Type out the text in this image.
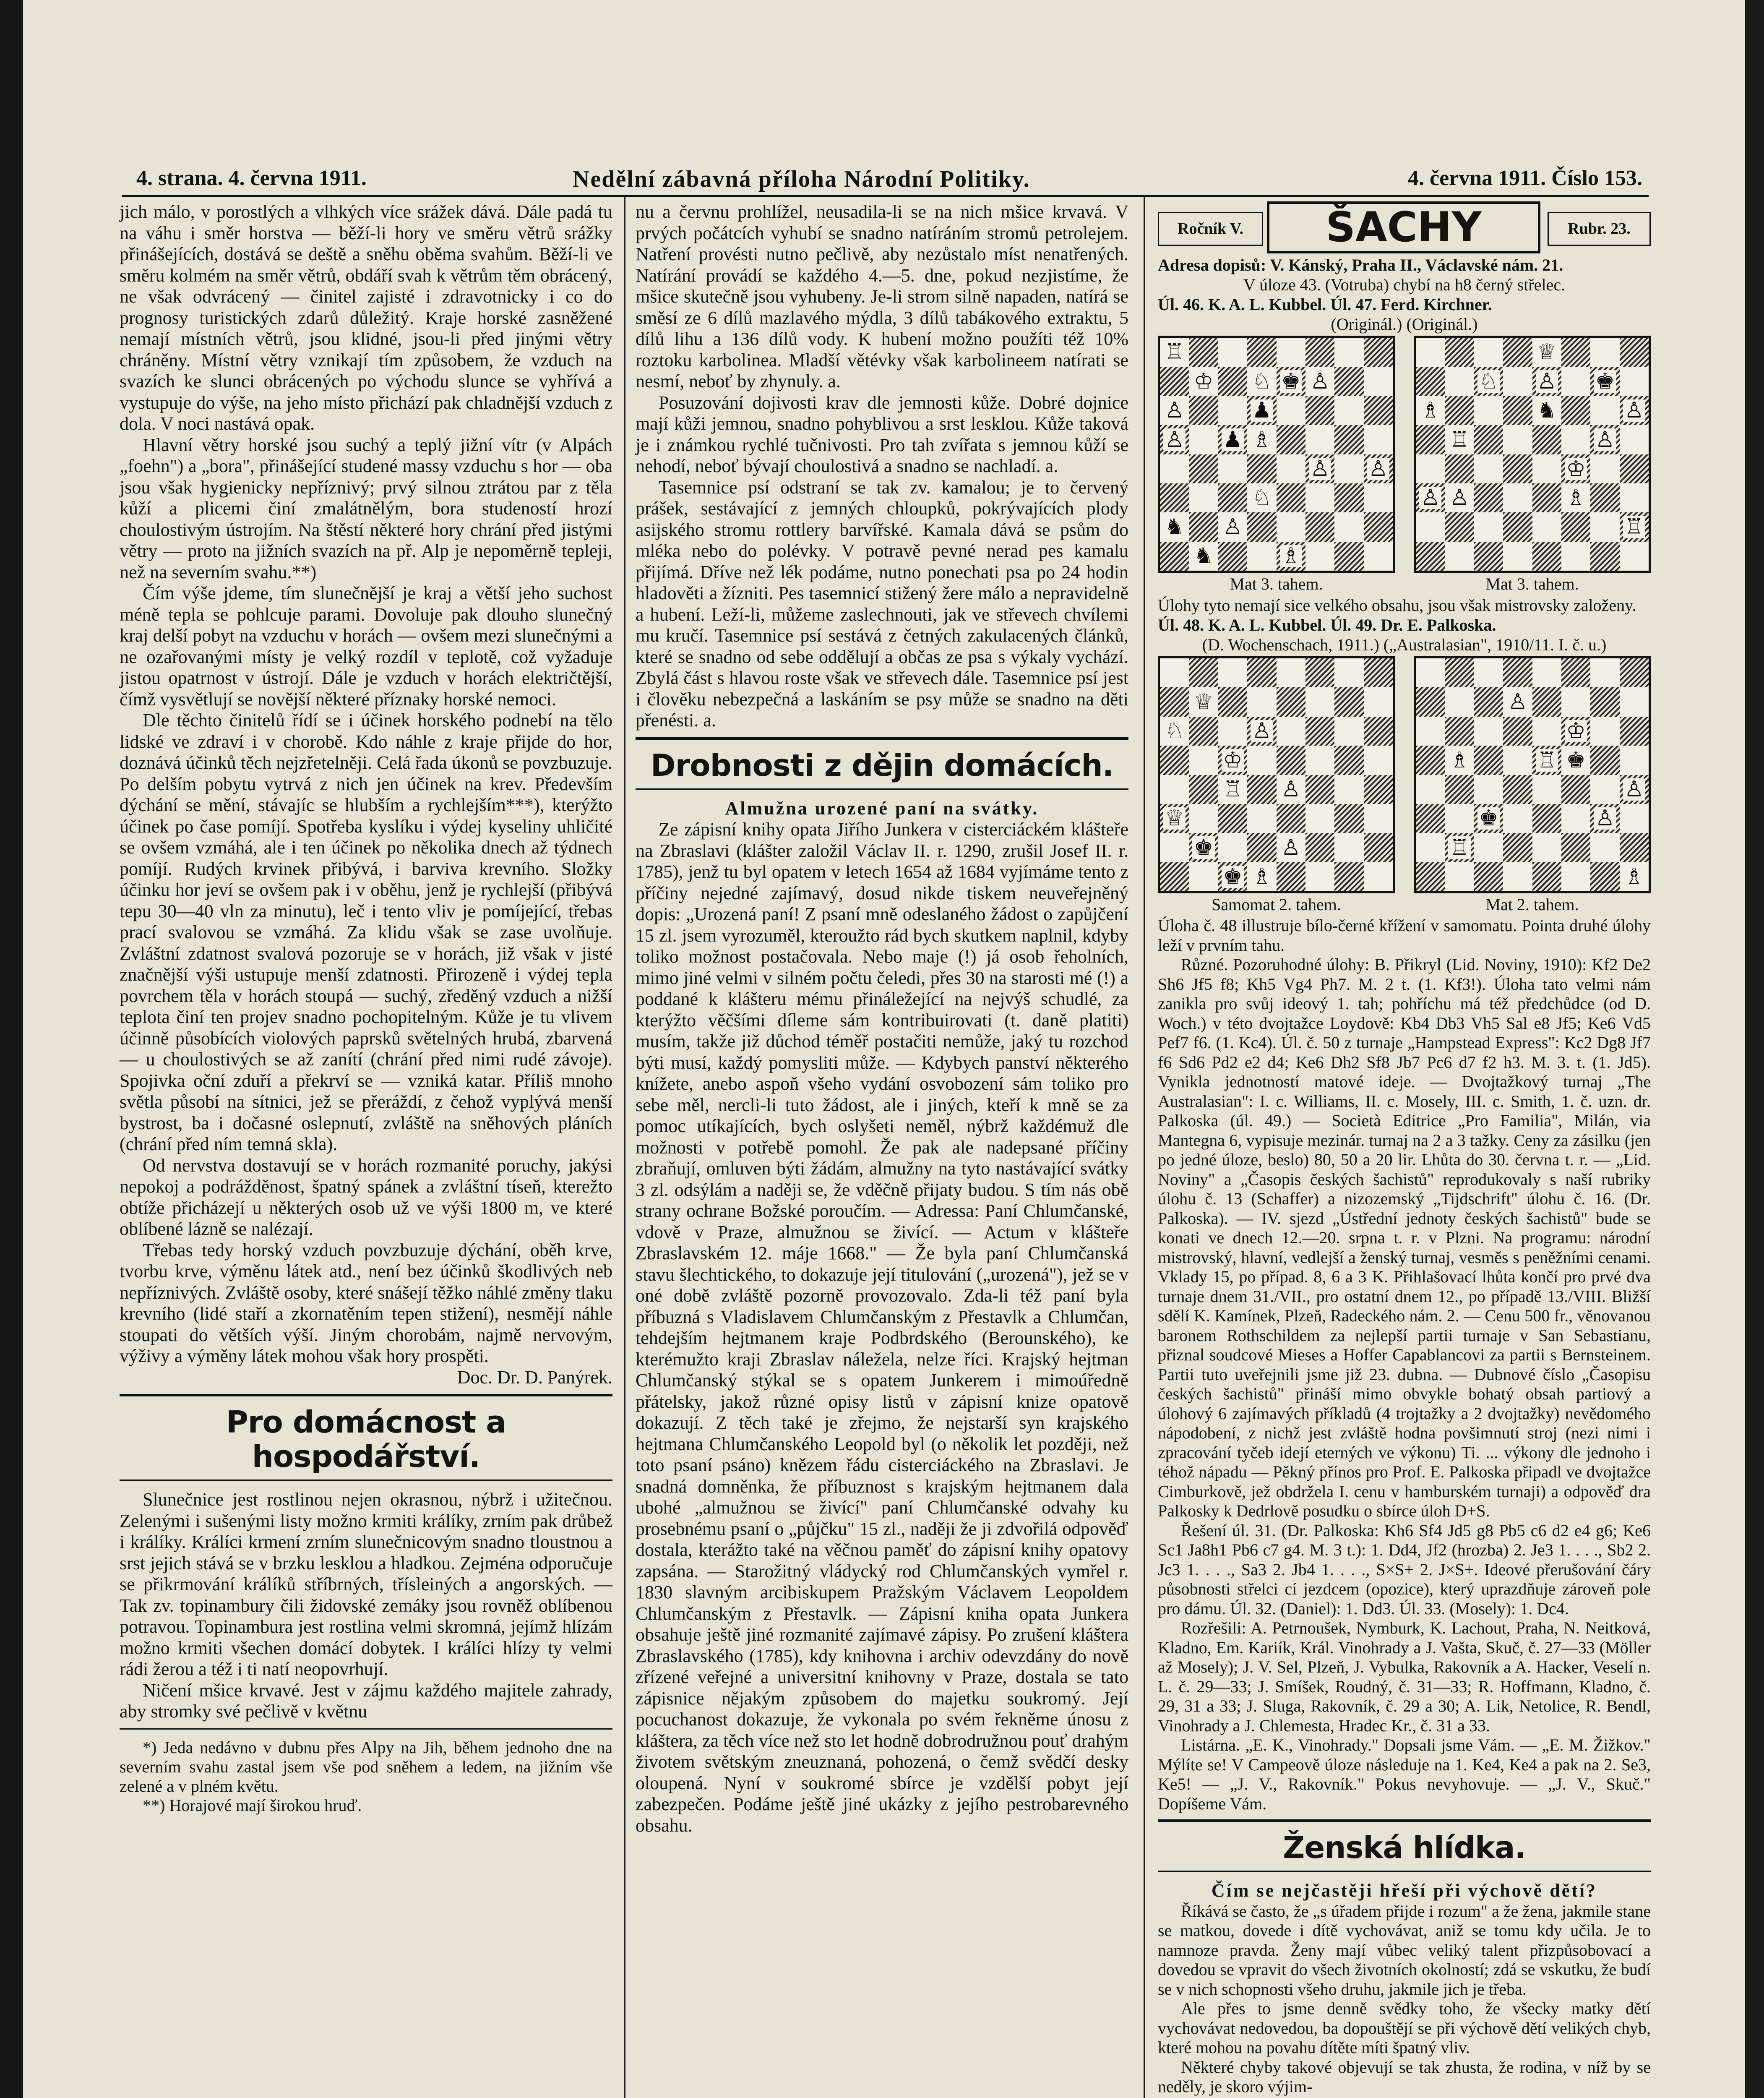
4. strana. 4. června 1911.	Nedělní zábavná příloha Národní Politiky.	4. června 1911. Číslo 153.

jich málo, v porostlých a vlhkých více srážek dává. Dále padá tu na váhu i směr horstva — běží-li hory ve směru větrů srážky přinášejících, dostává se deště a sněhu oběma svahům. Běží-li ve směru kolmém na směr větrů, obdáří svah k větrům těm obrácený, ne však odvrácený — činitel zajisté i zdravotnicky i co do prognosy turistických zdarů důležitý. Kraje horské zasněžené nemají místních větrů, jsou klidné, jsou-li před jinými větry chráněny. Místní větry vznikají tím způsobem, že vzduch na svazích ke slunci obrácených po východu slunce se vyhřívá a vystupuje do výše, na jeho místo přichází pak chladnější vzduch z dola. V noci nastává opak.

Hlavní větry horské jsou suchý a teplý jižní vítr (v Alpách „foehn") a „bora", přinášející studené massy vzduchu s hor — oba jsou však hygienicky nepříznivý; prvý silnou ztrátou par z těla kůží a plicemi činí zmalátnělým, bora studeností hrozí choulostivým ústrojím. Na štěstí některé hory chrání před jistými větry — proto na jižních svazích na př. Alp je nepoměrně tepleji, než na severním svahu.**)

Čím výše jdeme, tím slunečnější je kraj a větší jeho suchost méně tepla se pohlcuje parami. Dovoluje pak dlouho slunečný kraj delší pobyt na vzduchu v horách — ovšem mezi slunečnými a ne ozařovanými místy je velký rozdíl v teplotě, což vyžaduje jistou opatrnost v ústrojí. Dále je vzduch v horách električtější, čímž vysvětlují se novější některé příznaky horské nemoci.

Dle těchto činitelů řídí se i účinek horského podnebí na tělo lidské ve zdraví i v chorobě. Kdo náhle z kraje přijde do hor, doznává účinků těch nejzřetelněji. Celá řada úkonů se povzbuzuje. Po delším pobytu vytrvá z nich jen účinek na krev. Především dýchání se mění, stávajíc se hlubším a rychlejším***), kterýžto účinek po čase pomíjí. Spotřeba kyslíku i výdej kyseliny uhličité se ovšem vzmáhá, ale i ten účinek po několika dnech až týdnech pomíjí. Rudých krvinek přibývá, i barviva krevního. Složky účinku hor jeví se ovšem pak i v oběhu, jenž je rychlejší (přibývá tepu 30—40 vln za minutu), leč i tento vliv je pomíjející, třebas prací svalovou se vzmáhá. Za klidu však se zase uvolňuje. Zvláštní zdatnost svalová pozoruje se v horách, již však v jisté značnější výši ustupuje menší zdatnosti. Přirozeně i výdej tepla povrchem těla v horách stoupá — suchý, zředěný vzduch a nižší teplota činí ten projev snadno pochopitelným. Kůže je tu vlivem účinně působících violových paprsků světelných hrubá, zbarvená — u choulostivých se až zanítí (chrání před nimi rudé závoje). Spojivka oční zduří a překrví se — vzniká katar. Příliš mnoho světla působí na sítnici, jež se přeráždí, z čehož vyplývá menší bystrost, ba i dočasné oslepnutí, zvláště na sněhových pláních (chrání před ním temná skla).

Od nervstva dostavují se v horách rozmanité poruchy, jakýsi nepokoj a podrážděnost, špatný spánek a zvláštní tíseň, kterežto obtíže přicházejí u některých osob už ve výši 1800 m, ve které oblíbené lázně se nalézají.

Třebas tedy horský vzduch povzbuzuje dýchání, oběh krve, tvorbu krve, výměnu látek atd., není bez účinků škodlivých neb nepříznivých. Zvláště osoby, které snášejí těžko náhlé změny tlaku krevního (lidé staří a zkornatěním tepen stižení), nesmějí náhle stoupati do větších výší. Jiným chorobám, najmě nervovým, výživy a výměny látek mohou však hory prospěti.

Doc. Dr. D. Panýrek.

Pro domácnost a hospodářství.

Slunečnice jest rostlinou nejen okrasnou, nýbrž i užitečnou. Zelenými i sušenými listy možno krmiti králíky, zrním pak drůbež i králíky. Králíci krmení zrním slunečnicovým snadno tloustnou a srst jejich stává se v brzku lesklou a hladkou. Zejména odporučuje se přikrmování králíků stříbrných, třísleiných a angorských. — Tak zv. topinambury čili židovské zemáky jsou rovněž oblíbenou potravou. Topinambura jest rostlina velmi skromná, jejímž hlízám možno krmiti všechen domácí dobytek. I králíci hlízy ty velmi rádi žerou a též i ti natí neopovrhují.

Ničení mšice krvavé. Jest v zájmu každého majitele zahrady, aby stromky své pečlivě v květnu

*) Jeda nedávno v dubnu přes Alpy na Jih, během jednoho dne na severním svahu zastal jsem vše pod sněhem a ledem, na jižním vše zelené a v plném květu.

**) Horajové mají širokou hruď.

nu a červnu prohlížel, neusadila-li se na nich mšice krvavá. V prvých počátcích vyhubí se snadno natíráním stromů petrolejem. Natření provésti nutno pečlivě, aby nezůstalo míst nenatřených. Natírání provádí se každého 4.—5. dne, pokud nezjistíme, že mšice skutečně jsou vyhubeny. Je-li strom silně napaden, natírá se směsí ze 6 dílů mazlavého mýdla, 3 dílů tabákového extraktu, 5 dílů lihu a 136 dílů vody. K hubení možno použíti též 10% roztoku karbolinea. Mladší větévky však karbolineem natírati se nesmí, neboť by zhynuly. a.

Posuzování dojivosti krav dle jemnosti kůže. Dobré dojnice mají kůži jemnou, snadno pohyblivou a srst lesklou. Kůže taková je i známkou rychlé tučnivosti. Pro tah zvířata s jemnou kůží se nehodí, neboť bývají choulostivá a snadno se nachladí. a.

Tasemnice psí odstraní se tak zv. kamalou; je to červený prášek, sestávající z jemných chloupků, pokrývajících plody asijského stromu rottlery barvířské. Kamala dává se psům do mléka nebo do polévky. V potravě pevné nerad pes kamalu přijímá. Dříve než lék podáme, nutno ponechati psa po 24 hodin hladověti a žízniti. Pes tasemnicí stižený žere málo a nepravidelně a hubení. Leží-li, můžeme zaslechnouti, jak ve střevech chvílemi mu kručí. Tasemnice psí sestává z četných zakulacených článků, které se snadno od sebe oddělují a občas ze psa s výkaly vychází. Zbylá část s hlavou roste však ve střevech dále. Tasemnice psí jest i člověku nebezpečná a laskáním se psy může se snadno na děti přenésti. a.

Drobnosti z dějin domácích.
Almužna urozené paní na svátky.

Ze zápisní knihy opata Jiřího Junkera v cisterciáckém klášteře na Zbraslavi (klášter založil Václav II. r. 1290, zrušil Josef II. r. 1785), jenž tu byl opatem v letech 1654 až 1684 vyjímáme tento z příčiny nejedné zajímavý, dosud nikde tiskem neuveřejněný dopis: „Urozená paní! Z psaní mně odeslaného žádost o zapůjčení 15 zl. jsem vyrozuměl, kteroužto rád bych skutkem naplnil, kdyby toliko možnost postačovala. Nebo maje (!) já osob řeholních, mimo jiné velmi v silném počtu čeledi, přes 30 na starosti mé (!) a poddané k klášteru mému přináležející na nejvýš schudlé, za kterýžto věčšími díleme sám kontribuirovati (t. daně platiti) musím, takže již důchod téměř postačiti nemůže, jaký tu rozchod býti musí, každý pomysliti může. — Kdybych panství některého knížete, anebo aspoň všeho vydání osvobození sám toliko pro sebe měl, nercli-li tuto žádost, ale i jiných, kteří k mně se za pomoc utíkajících, bych oslyšeti neměl, nýbrž každémuž dle možnosti v potřebě pomohl. Že pak ale nadepsané příčiny zbraňují, omluven býti žádám, almužny na tyto nastávající svátky 3 zl. odsýlám a naději se, že vděčně přijaty budou. S tím nás obě strany ochrane Božské poroučím. — Adressa: Paní Chlumčanské, vdově v Praze, almužnou se živící. — Actum v klášteře Zbraslavském 12. máje 1668." — Že byla paní Chlumčanská stavu šlechtického, to dokazuje její titulování („urozená"), jež se v oné době zvláště pozorně provozovalo. Zda-li též paní byla příbuzná s Vladislavem Chlumčanským z Přestavlk a Chlumčan, tehdejším hejtmanem kraje Podbrdského (Berounského), ke kterémužto kraji Zbraslav náležela, nelze říci. Krajský hejtman Chlumčanský stýkal se s opatem Junkerem i mimoúředně přátelsky, jakož různé opisy listů v zápisní knize opatově dokazují. Z těch také je zřejmo, že nejstarší syn krajského hejtmana Chlumčanského Leopold byl (o několik let později, než toto psaní psáno) knězem řádu cisterciáckého na Zbraslavi. Je snadná domněnka, že příbuznost s krajským hejtmanem dala ubohé „almužnou se živící" paní Chlumčanské odvahy ku prosebnému psaní o „půjčku" 15 zl., naději že ji zdvořilá odpověď dostala, kterážto také na věčnou paměť do zápisní knihy opatovy zapsána. — Starožitný vládycký rod Chlumčanských vymřel r. 1830 slavným arcibiskupem Pražským Václavem Leopoldem Chlumčanským z Přestavlk. — Zápisní kniha opata Junkera obsahuje ještě jiné rozmanité zajímavé zápisy. Po zrušení kláštera Zbraslavského (1785), kdy knihovna i archiv odevzdány do nově zřízené veřejné a universitní knihovny v Praze, dostala se tato zápisnice nějakým způsobem do majetku soukromý. Její pocuchanost dokazuje, že vykonala po svém řekněme únosu z kláštera, za těch více než sto let hodně dobrodružnou pouť drahým životem světským zneuznaná, pohozená, o čemž svědčí desky oloupená. Nyní v soukromé sbírce je vzdělší pobyt její zabezpečen. Podáme ještě jiné ukázky z jejího pestrobarevného obsahu.

Ročník V.	ŠACHY	Rubr. 23.
Adresa dopisů: V. Kánský, Praha II., Václavské nám. 21.
V úloze 43. (Votruba) chybí na h8 černý střelec.
Úl. 46. K. A. L. Kubbel. Úl. 47. Ferd. Kirchner.
(Originál.) (Originál.)
♖
♔ ♘ ♚ ♙
♙	♟
♙ ♟ ♗
♙ ♙
♘
♞ ♙
♞	♗
♕
♘ ♙ ♚
♗	♞	♙
♖	♙
♔
♙ ♙	♗
♖
Mat 3. tahem.	Mat 3. tahem.
Úlohy tyto nemají sice velkého obsahu, jsou však mistrovsky založeny.
Úl. 48. K. A. L. Kubbel. Úl. 49. Dr. E. Palkoska.
(D. Wochenschach, 1911.) („Australasian", 1910/11. I. č. u.)
♕
♘	♙
♔
♖ ♙
♕
♚	♙
♚ ♗
♙
♔
♗	♖ ♚
♙
♚	♙
♖
♗
Samomat 2. tahem.	Mat 2. tahem.

Úloha č. 48 illustruje bílo-černé křížení v samomatu. Pointa druhé úlohy leží v prvním tahu.

Různé. Pozoruhodné úlohy: B. Přikryl (Lid. Noviny, 1910): Kf2 De2 Sh6 Jf5 f8; Kh5 Vg4 Ph7. M. 2 t. (1. Kf3!). Úloha tato velmi nám zanikla pro svůj ideový 1. tah; pohříchu má též předchůdce (od D. Woch.) v této dvojtažce Loydově: Kb4 Db3 Vh5 Sal e8 Jf5; Ke6 Vd5 Pef7 f6. (1. Kc4). Úl. č. 50 z turnaje „Hampstead Express": Kc2 Dg8 Jf7 f6 Sd6 Pd2 e2 d4; Ke6 Dh2 Sf8 Jb7 Pc6 d7 f2 h3. M. 3. t. (1. Jd5). Vynikla jednotností matové ideje. — Dvojtažkový turnaj „The Australasian": I. c. Williams, II. c. Mosely, III. c. Smith, 1. č. uzn. dr. Palkoska (úl. 49.) — Società Editrice „Pro Familia", Milán, via Mantegna 6, vypisuje mezinár. turnaj na 2 a 3 tažky. Ceny za zásilku (jen po jedné úloze, beslo) 80, 50 a 20 lir. Lhůta do 30. června t. r. — „Lid. Noviny" a „Časopis českých šachistů" reprodukovaly s naší rubriky úlohu č. 13 (Schaffer) a nizozemský „Tijdschrift" úlohu č. 16. (Dr. Palkoska). — IV. sjezd „Ústřední jednoty českých šachistů" bude se konati ve dnech 12.—20. srpna t. r. v Plzni. Na programu: národní mistrovský, hlavní, vedlejší a ženský turnaj, vesměs s peněžními cenami. Vklady 15, po případ. 8, 6 a 3 K. Přihlašovací lhůta končí pro prvé dva turnaje dnem 31./VII., pro ostatní dnem 12., po případě 13./VIII. Bližší sdělí K. Kamínek, Plzeň, Radeckého nám. 2. — Cenu 500 fr., věnovanou baronem Rothschildem za nejlepší partii turnaje v San Sebastianu, přiznal soudcové Mieses a Hoffer Capablancovi za partii s Bernsteinem. Partii tuto uveřejnili jsme již 23. dubna. — Dubnové číslo „Časopisu českých šachistů" přináší mimo obvykle bohatý obsah partiový a úlohový 6 zajímavých příkladů (4 trojtažky a 2 dvojtažky) nevědomého nápodobení, z nichž jest zvláště hodna povšimnutí stroj (nezi nimi i zpracování tyčeb idejí eterných ve výkonu) Ti. ... výkony dle jednoho i téhož nápadu — Pěkný přínos pro Prof. E. Palkoska připadl ve dvojtažce Cimburkově, jež obdržela I. cenu v hamburském turnaji) a odpověď dra Palkosky k Dedrlově posudku o sbírce úloh D+S.

Řešení úl. 31. (Dr. Palkoska: Kh6 Sf4 Jd5 g8 Pb5 c6 d2 e4 g6; Ke6 Sc1 Ja8h1 Pb6 c7 g4. M. 3 t.): 1. Dd4, Jf2 (hrozba) 2. Je3 1. . . ., Sb2 2. Jc3 1. . . ., Sa3 2. Jb4 1. . . ., S×S+ 2. J×S+. Ideové přerušování čáry působnosti střelci cí jezdcem (opozice), který uprazdňuje zároveň pole pro dámu. Úl. 32. (Daniel): 1. Dd3. Úl. 33. (Mosely): 1. Dc4.

Rozřešili: A. Petrnoušek, Nymburk, K. Lachout, Praha, N. Neitková, Kladno, Em. Kariík, Král. Vinohrady a J. Vašta, Skuč, č. 27—33 (Möller až Mosely); J. V. Sel, Plzeň, J. Vybulka, Rakovník a A. Hacker, Veselí n. L. č. 29—33; J. Smíšek, Roudný, č. 31—33; R. Hoffmann, Kladno, č. 29, 31 a 33; J. Sluga, Rakovník, č. 29 a 30; A. Lik, Netolice, R. Bendl, Vinohrady a J. Chlemesta, Hradec Kr., č. 31 a 33.

Listárna. „E. K., Vinohrady." Dopsali jsme Vám. — „E. M. Žižkov." Mýlíte se! V Campeově úloze následuje na 1. Ke4, Ke4 a pak na 2. Se3, Ke5! — „J. V., Rakovník." Pokus nevyhovuje. — „J. V., Skuč." Dopíšeme Vám.

Ženská hlídka.
Čím se nejčastěji hřeší při výchově dětí?

Říkává se často, že „s úřadem přijde i rozum" a že žena, jakmile stane se matkou, dovede i dítě vychovávat, aniž se tomu kdy učila. Je to namnoze pravda. Ženy mají vůbec veliký talent přizpůsobovací a dovedou se vpravit do všech životních okolností; zdá se vskutku, že budí se v nich schopnosti všeho druhu, jakmile jich je třeba.

Ale přes to jsme denně svědky toho, že všecky matky dětí vychovávat nedovedou, ba dopouštějí se při výchově dětí velikých chyb, které mohou na povahu dítěte míti špatný vliv.

Některé chyby takové objevují se tak zhusta, že rodina, v níž by se neděly, je skoro výjim-
